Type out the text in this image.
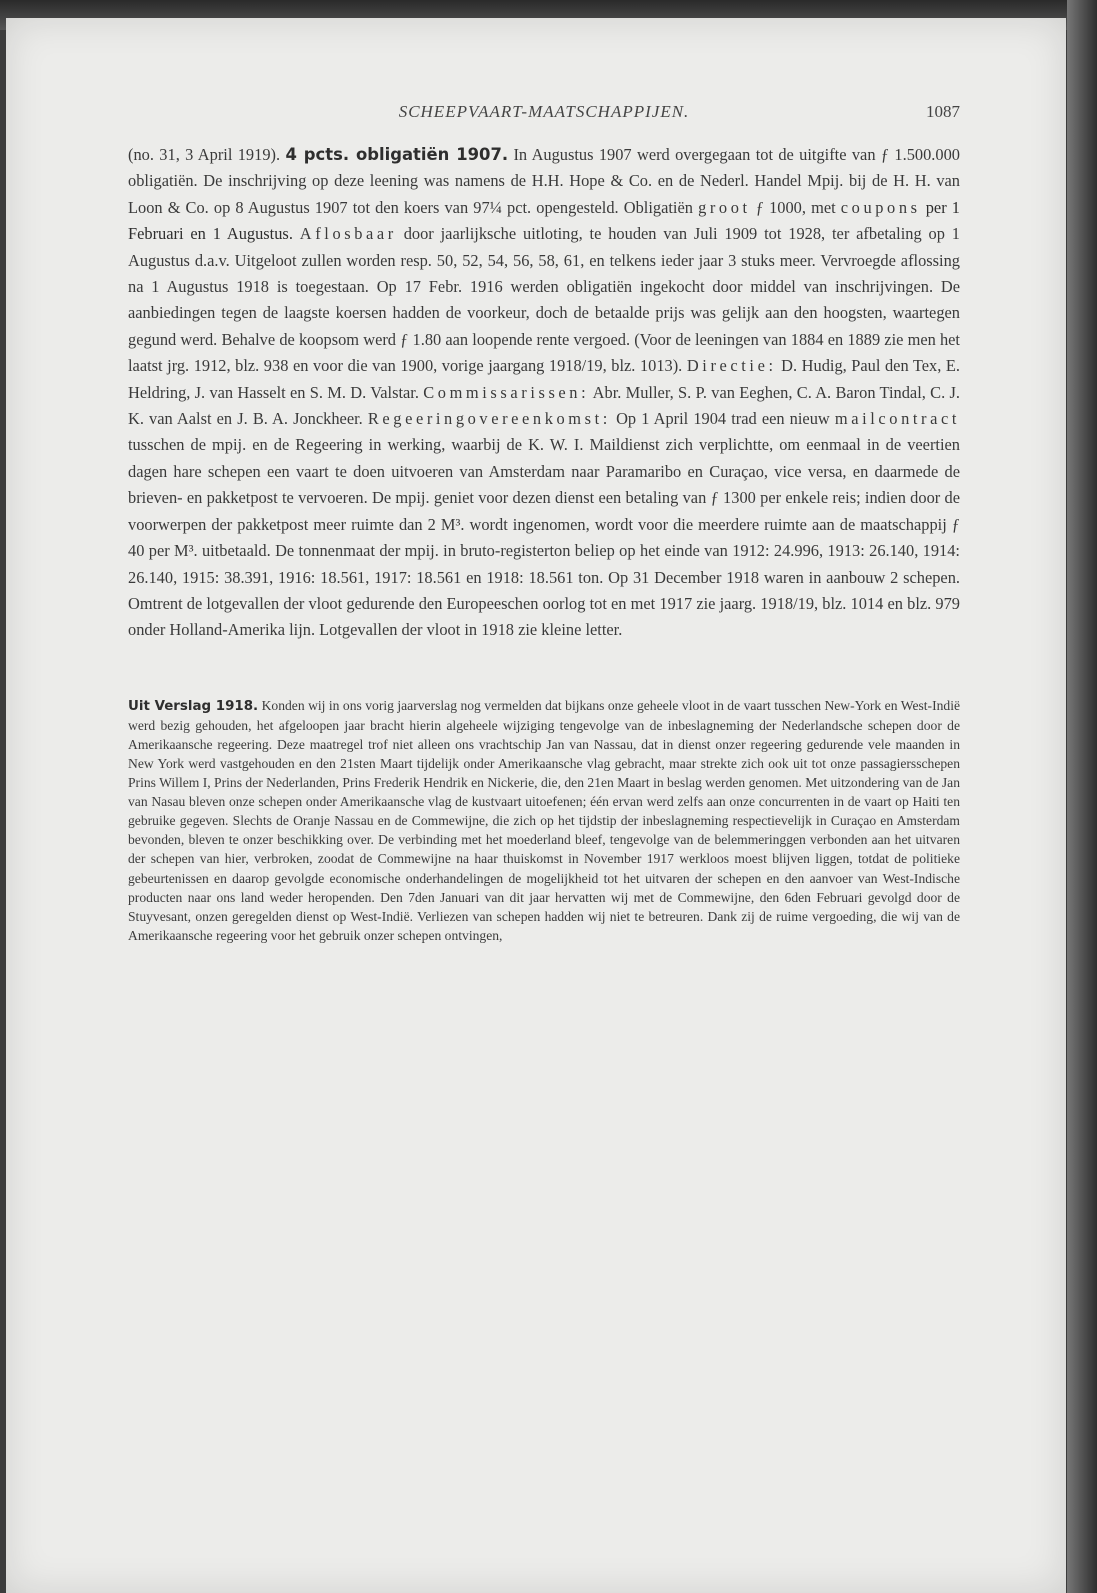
SCHEEPVAART-MAATSCHAPPIJEN.	1087
(no. 31, 3 April 1919). 4 pcts. obligatiën 1907. In Augustus 1907 werd overgegaan tot de uitgifte van ƒ 1.500.000 obligatiën. De inschrijving op deze leening was namens de H.H. Hope & Co. en de Nederl. Handel Mpij. bij de H. H. van Loon & Co. op 8 Augustus 1907 tot den koers van 97¼ pct. opengesteld. Obligatiën groot ƒ 1000, met coupons per 1 Februari en 1 Augustus. Aflosbaar door jaarlijksche uitloting, te houden van Juli 1909 tot 1928, ter afbetaling op 1 Augustus d.a.v. Uitgeloot zullen worden resp. 50, 52, 54, 56, 58, 61, en telkens ieder jaar 3 stuks meer. Vervroegde aflossing na 1 Augustus 1918 is toegestaan. Op 17 Febr. 1916 werden obligatiën ingekocht door middel van inschrijvingen. De aanbiedingen tegen de laagste koersen hadden de voorkeur, doch de betaalde prijs was gelijk aan den hoogsten, waartegen gegund werd. Behalve de koopsom werd ƒ 1.80 aan loopende rente vergoed. (Voor de leeningen van 1884 en 1889 zie men het laatst jrg. 1912, blz. 938 en voor die van 1900, vorige jaargang 1918/19, blz. 1013). Directie: D. Hudig, Paul den Tex, E. Heldring, J. van Hasselt en S. M. D. Valstar. Commissarissen: Abr. Muller, S. P. van Eeghen, C. A. Baron Tindal, C. J. K. van Aalst en J. B. A. Jonckheer. Regeeringovereenkomst: Op 1 April 1904 trad een nieuw mailcontract tusschen de mpij. en de Regeering in werking, waarbij de K. W. I. Maildienst zich verplichtte, om eenmaal in de veertien dagen hare schepen een vaart te doen uitvoeren van Amsterdam naar Paramaribo en Curaçao, vice versa, en daarmede de brieven- en pakketpost te vervoeren. De mpij. geniet voor dezen dienst een betaling van ƒ 1300 per enkele reis; indien door de voorwerpen der pakketpost meer ruimte dan 2 M³. wordt ingenomen, wordt voor die meerdere ruimte aan de maatschappij ƒ 40 per M³. uitbetaald. De tonnenmaat der mpij. in bruto-registerton beliep op het einde van 1912: 24.996, 1913: 26.140, 1914: 26.140, 1915: 38.391, 1916: 18.561, 1917: 18.561 en 1918: 18.561 ton. Op 31 December 1918 waren in aanbouw 2 schepen. Omtrent de lotgevallen der vloot gedurende den Europeeschen oorlog tot en met 1917 zie jaarg. 1918/19, blz. 1014 en blz. 979 onder Holland-Amerika lijn. Lotgevallen der vloot in 1918 zie kleine letter.
Uit Verslag 1918. Konden wij in ons vorig jaarverslag nog vermelden dat bijkans onze geheele vloot in de vaart tusschen New-York en West-Indië werd bezig gehouden, het afgeloopen jaar bracht hierin algeheele wijziging tengevolge van de inbeslagneming der Nederlandsche schepen door de Amerikaansche regeering. Deze maatregel trof niet alleen ons vrachtschip Jan van Nassau, dat in dienst onzer regeering gedurende vele maanden in New York werd vastgehouden en den 21sten Maart tijdelijk onder Amerikaansche vlag gebracht, maar strekte zich ook uit tot onze passagiersschepen Prins Willem I, Prins der Nederlanden, Prins Frederik Hendrik en Nickerie, die, den 21en Maart in beslag werden genomen. Met uitzondering van de Jan van Nasau bleven onze schepen onder Amerikaansche vlag de kustvaart uitoefenen; één ervan werd zelfs aan onze concurrenten in de vaart op Haiti ten gebruike gegeven. Slechts de Oranje Nassau en de Commewijne, die zich op het tijdstip der inbeslagneming respectievelijk in Curaçao en Amsterdam bevonden, bleven te onzer beschikking over. De verbinding met het moederland bleef, tengevolge van de belemmeringgen verbonden aan het uitvaren der schepen van hier, verbroken, zoodat de Commewijne na haar thuiskomst in November 1917 werkloos moest blijven liggen, totdat de politieke gebeurtenissen en daarop gevolgde economische onderhandelingen de mogelijkheid tot het uitvaren der schepen en den aanvoer van West-Indische producten naar ons land weder heropenden. Den 7den Januari van dit jaar hervatten wij met de Commewijne, den 6den Februari gevolgd door de Stuyvesant, onzen geregelden dienst op West-Indië. Verliezen van schepen hadden wij niet te betreuren. Dank zij de ruime vergoeding, die wij van de Amerikaansche regeering voor het gebruik onzer schepen ontvingen,
